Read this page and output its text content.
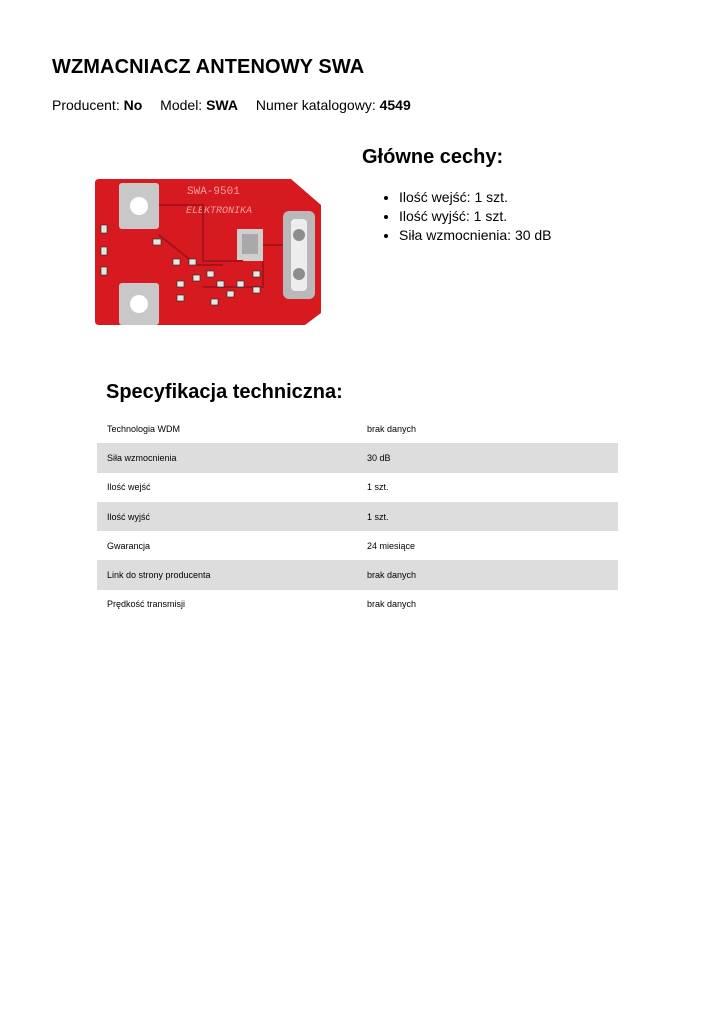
WZMACNIACZ ANTENOWY SWA
Producent: No Model: SWA Numer katalogowy: 4549
SWA-9501
ELEKTRONIKA
Główne cechy:
• Ilość wejść: 1 szt.
• Ilość wyjść: 1 szt.
• Siła wzmocnienia: 30 dB
Specyfikacja techniczna:
Technologia WDM	brak danych
Siła wzmocnienia	30 dB
Ilość wejść	1 szt.
Ilość wyjść	1 szt.
Gwarancja	24 miesiące
Link do strony producenta	brak danych
Prędkość transmisji	brak danych
